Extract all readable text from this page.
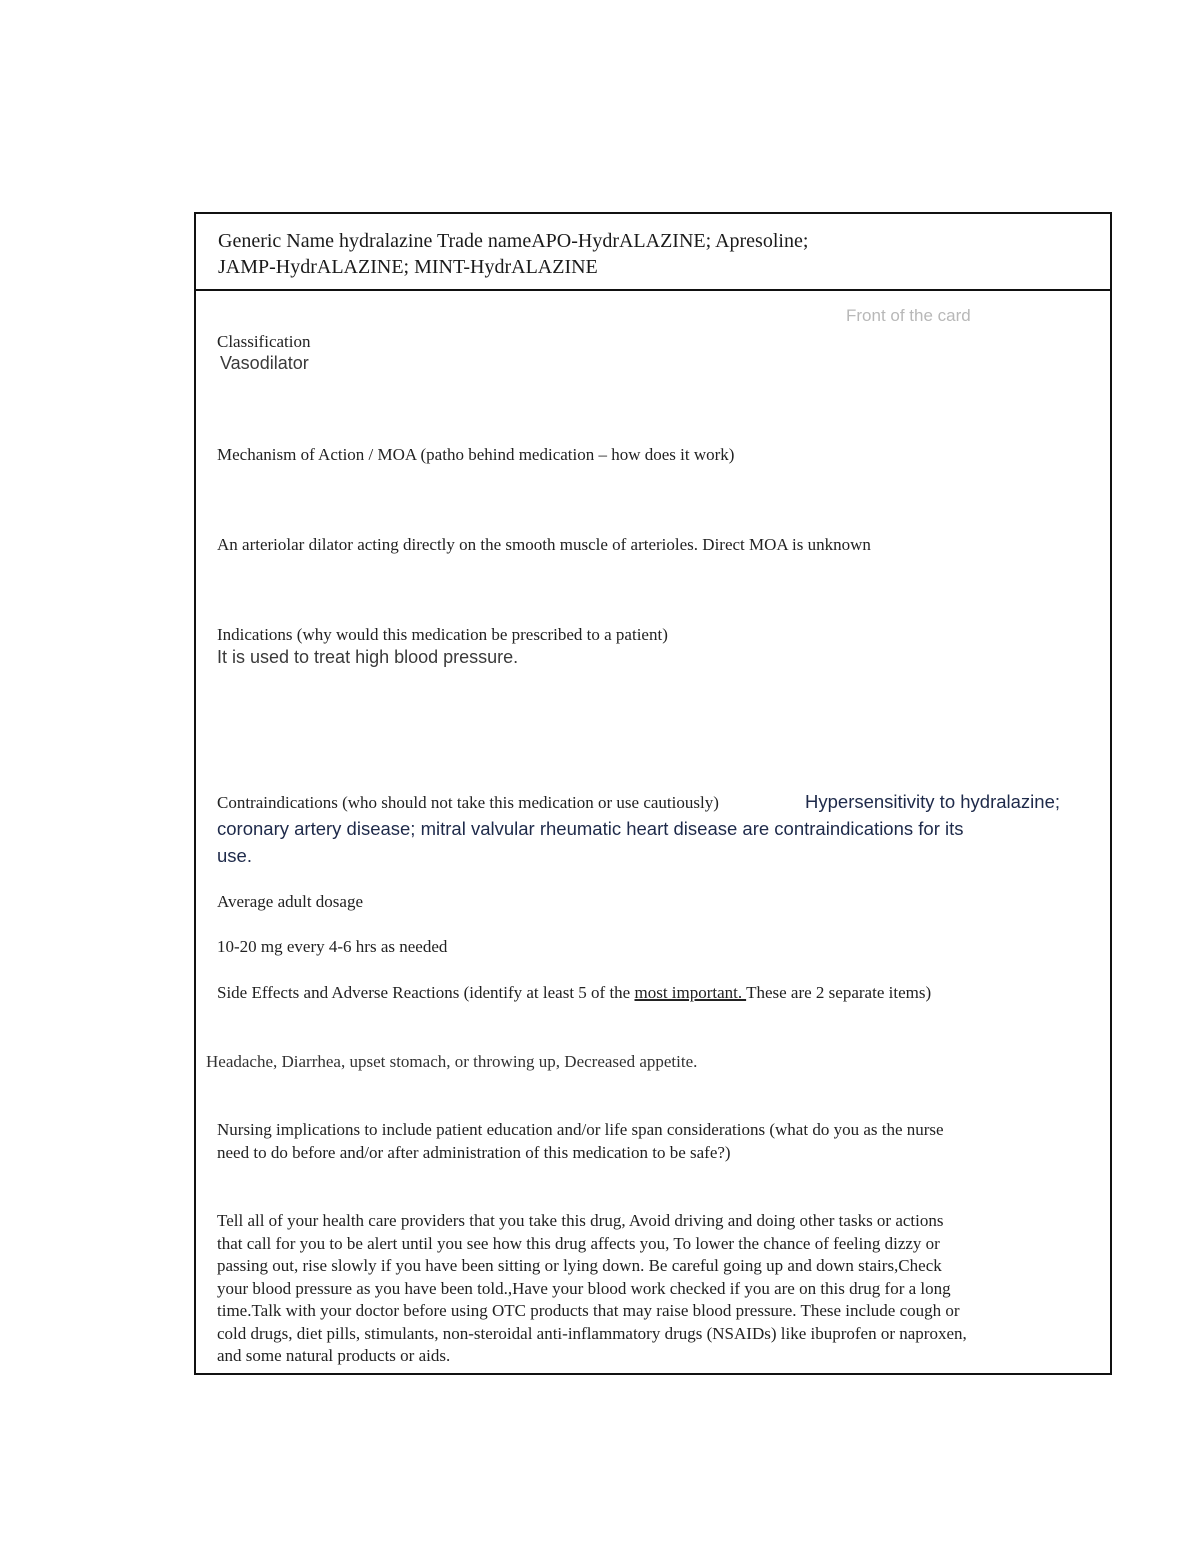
Generic Name hydralazine Trade nameAPO-HydrALAZINE; Apresoline;
JAMP-HydrALAZINE; MINT-HydrALAZINE
Front of the card
Classification
Vasodilator
Mechanism of Action / MOA (patho behind medication – how does it work)
An arteriolar dilator acting directly on the smooth muscle of arterioles. Direct MOA is unknown
Indications (why would this medication be prescribed to a patient)
It is used to treat high blood pressure.
Contraindications (who should not take this medication or use cautiously)	Hypersensitivity to hydralazine;
coronary artery disease; mitral valvular rheumatic heart disease are contraindications for its
use.
Average adult dosage
10-20 mg every 4-6 hrs as needed
Side Effects and Adverse Reactions (identify at least 5 of the most important. These are 2 separate items)
Headache, Diarrhea, upset stomach, or throwing up, Decreased appetite.
Nursing implications to include patient education and/or life span considerations (what do you as the nurse
need to do before and/or after administration of this medication to be safe?)
Tell all of your health care providers that you take this drug, Avoid driving and doing other tasks or actions
that call for you to be alert until you see how this drug affects you, To lower the chance of feeling dizzy or
passing out, rise slowly if you have been sitting or lying down. Be careful going up and down stairs,Check
your blood pressure as you have been told.,Have your blood work checked if you are on this drug for a long
time.Talk with your doctor before using OTC products that may raise blood pressure. These include cough or
cold drugs, diet pills, stimulants, non-steroidal anti-inflammatory drugs (NSAIDs) like ibuprofen or naproxen,
and some natural products or aids.
